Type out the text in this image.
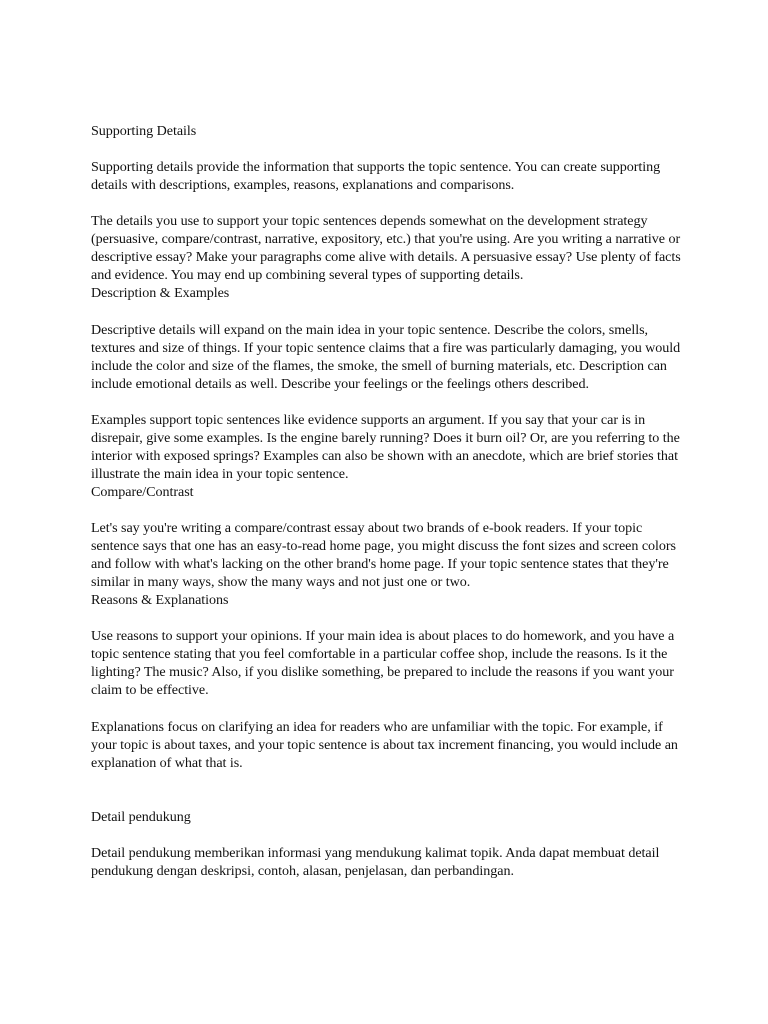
Supporting Details

Supporting details provide the information that supports the topic sentence. You can create supporting details with descriptions, examples, reasons, explanations and comparisons.

The details you use to support your topic sentences depends somewhat on the development strategy (persuasive, compare/contrast, narrative, expository, etc.) that you're using. Are you writing a narrative or descriptive essay? Make your paragraphs come alive with details. A persuasive essay? Use plenty of facts and evidence. You may end up combining several types of supporting details.

Description & Examples

Descriptive details will expand on the main idea in your topic sentence. Describe the colors, smells, textures and size of things. If your topic sentence claims that a fire was particularly damaging, you would include the color and size of the flames, the smoke, the smell of burning materials, etc. Description can include emotional details as well. Describe your feelings or the feelings others described.

Examples support topic sentences like evidence supports an argument. If you say that your car is in disrepair, give some examples. Is the engine barely running? Does it burn oil? Or, are you referring to the interior with exposed springs? Examples can also be shown with an anecdote, which are brief stories that illustrate the main idea in your topic sentence.

Compare/Contrast

Let's say you're writing a compare/contrast essay about two brands of e-book readers. If your topic sentence says that one has an easy-to-read home page, you might discuss the font sizes and screen colors and follow with what's lacking on the other brand's home page. If your topic sentence states that they're similar in many ways, show the many ways and not just one or two.

Reasons & Explanations

Use reasons to support your opinions. If your main idea is about places to do homework, and you have a topic sentence stating that you feel comfortable in a particular coffee shop, include the reasons. Is it the lighting? The music? Also, if you dislike something, be prepared to include the reasons if you want your claim to be effective.

Explanations focus on clarifying an idea for readers who are unfamiliar with the topic. For example, if your topic is about taxes, and your topic sentence is about tax increment financing, you would include an explanation of what that is.

Detail pendukung

Detail pendukung memberikan informasi yang mendukung kalimat topik. Anda dapat membuat detail pendukung dengan deskripsi, contoh, alasan, penjelasan, dan perbandingan.
